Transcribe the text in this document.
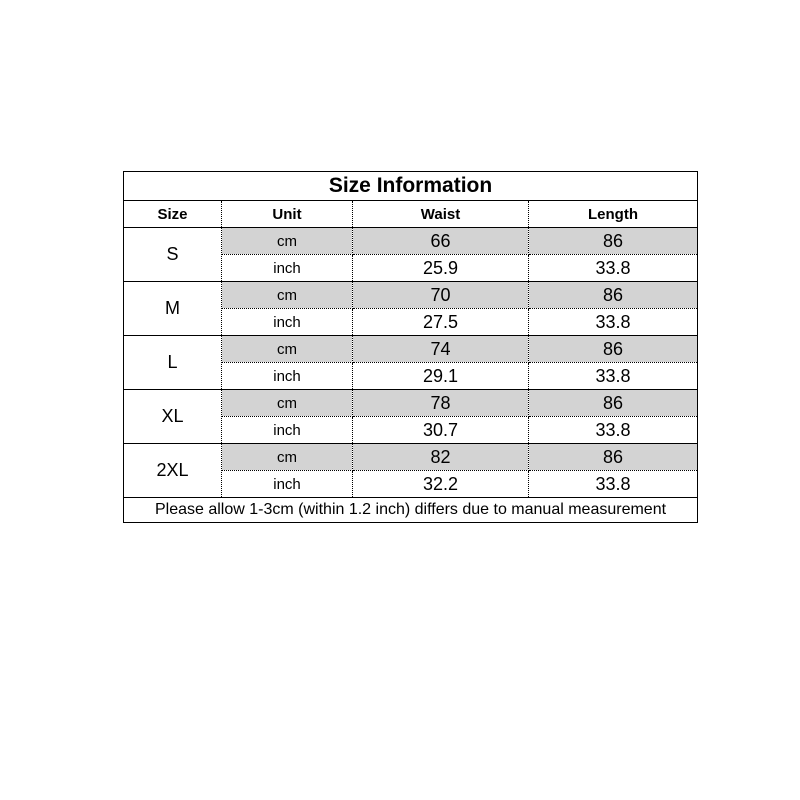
Size Information			
Size	Unit	Waist	Length
S	cm	66	86
	inch	25.9	33.8
M	cm	70	86
	inch	27.5	33.8
L	cm	74	86
	inch	29.1	33.8
XL	cm	78	86
	inch	30.7	33.8
2XL	cm	82	86
	inch	32.2	33.8
Please allow 1-3cm (within 1.2 inch) differs due to manual measurement			
